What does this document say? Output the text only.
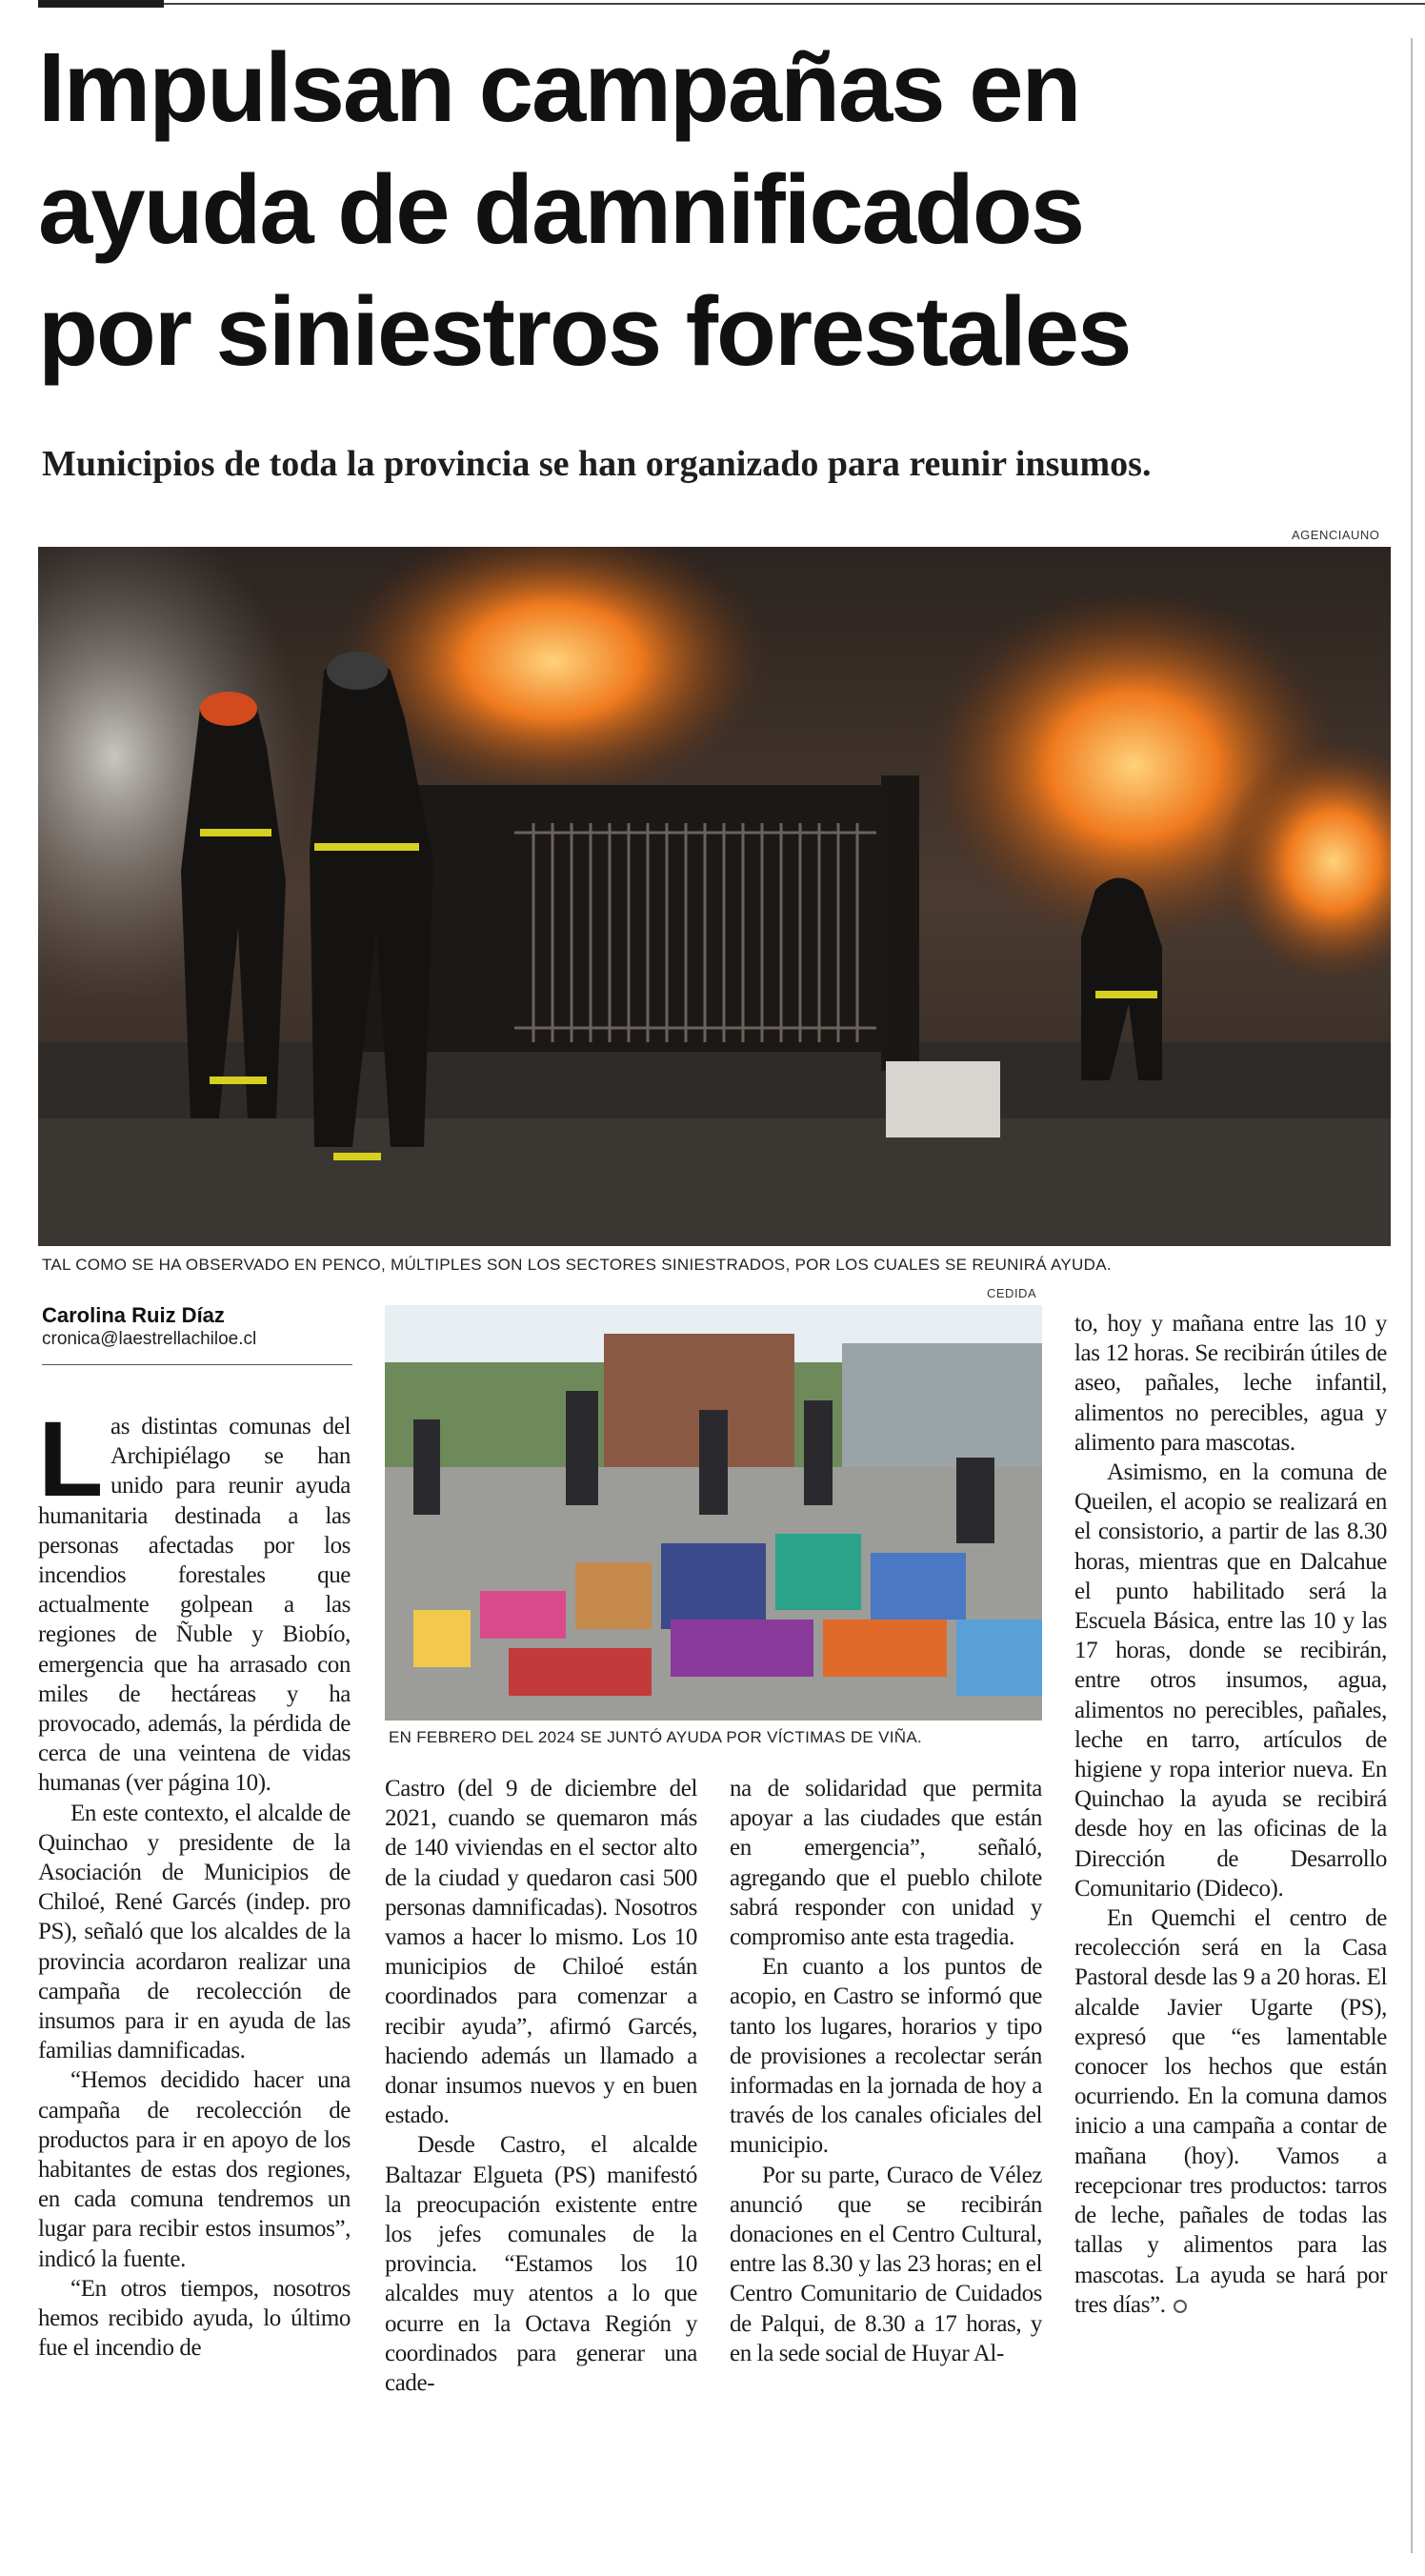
Impulsan campañas en
ayuda de damnificados
por siniestros forestales
Municipios de toda la provincia se han organizado para reunir insumos.
AGENCIAUNO
TAL COMO SE HA OBSERVADO EN PENCO, MÚLTIPLES SON LOS SECTORES SINIESTRADOS, POR LOS CUALES SE REUNIRÁ AYUDA.
CEDIDA
Carolina Ruiz Díaz
cronica@laestrellachiloe.cl
EN FEBRERO DEL 2024 SE JUNTÓ AYUDA POR VÍCTIMAS DE VIÑA.

Las distintas comunas del Archipiélago se han unido para reunir ayuda humanitaria destinada a las personas afectadas por los incendios forestales que actualmente golpean a las regiones de Ñuble y Biobío, emergencia que ha arrasado con miles de hectáreas y ha provocado, además, la pérdida de cerca de una veintena de vidas humanas (ver página 10).

En este contexto, el alcalde de Quinchao y presidente de la Asociación de Municipios de Chiloé, René Garcés (indep. pro PS), señaló que los alcaldes de la provincia acordaron realizar una campaña de recolección de insumos para ir en ayuda de las familias damnificadas.

“Hemos decidido hacer una campaña de recolección de productos para ir en apoyo de los habitantes de estas dos regiones, en cada comuna tendremos un lugar para recibir estos insumos”, indicó la fuente.

“En otros tiempos, nosotros hemos recibido ayuda, lo último fue el incendio de

Castro (del 9 de diciembre del 2021, cuando se quemaron más de 140 viviendas en el sector alto de la ciudad y quedaron casi 500 personas damnificadas). Nosotros vamos a hacer lo mismo. Los 10 municipios de Chiloé están coordinados para comenzar a recibir ayuda”, afirmó Garcés, haciendo además un llamado a donar insumos nuevos y en buen estado.

Desde Castro, el alcalde Baltazar Elgueta (PS) manifestó la preocupación existente entre los jefes comunales de la provincia. “Estamos los 10 alcaldes muy atentos a lo que ocurre en la Octava Región y coordinados para generar una cade-

na de solidaridad que permita apoyar a las ciudades que están en emergencia”, señaló, agregando que el pueblo chilote sabrá responder con unidad y compromiso ante esta tragedia.

En cuanto a los puntos de acopio, en Castro se informó que tanto los lugares, horarios y tipo de provisiones a recolectar serán informadas en la jornada de hoy a través de los canales oficiales del municipio.

Por su parte, Curaco de Vélez anunció que se recibirán donaciones en el Centro Cultural, entre las 8.30 y las 23 horas; en el Centro Comunitario de Cuidados de Palqui, de 8.30 a 17 horas, y en la sede social de Huyar Al-

to, hoy y mañana entre las 10 y las 12 horas. Se recibirán útiles de aseo, pañales, leche infantil, alimentos no perecibles, agua y alimento para mascotas.

Asimismo, en la comuna de Queilen, el acopio se realizará en el consistorio, a partir de las 8.30 horas, mientras que en Dalcahue el punto habilitado será la Escuela Básica, entre las 10 y las 17 horas, donde se recibirán, entre otros insumos, agua, alimentos no perecibles, pañales, leche en tarro, artículos de higiene y ropa interior nueva. En Quinchao la ayuda se recibirá desde hoy en las oficinas de la Dirección de Desarrollo Comunitario (Dideco).

En Quemchi el centro de recolección será en la Casa Pastoral desde las 9 a 20 horas. El alcalde Javier Ugarte (PS), expresó que “es lamentable conocer los hechos que están ocurriendo. En la comuna damos inicio a una campaña a contar de mañana (hoy). Vamos a recepcionar tres productos: tarros de leche, pañales de todas las tallas y alimentos para las mascotas. La ayuda se hará por tres días”.
